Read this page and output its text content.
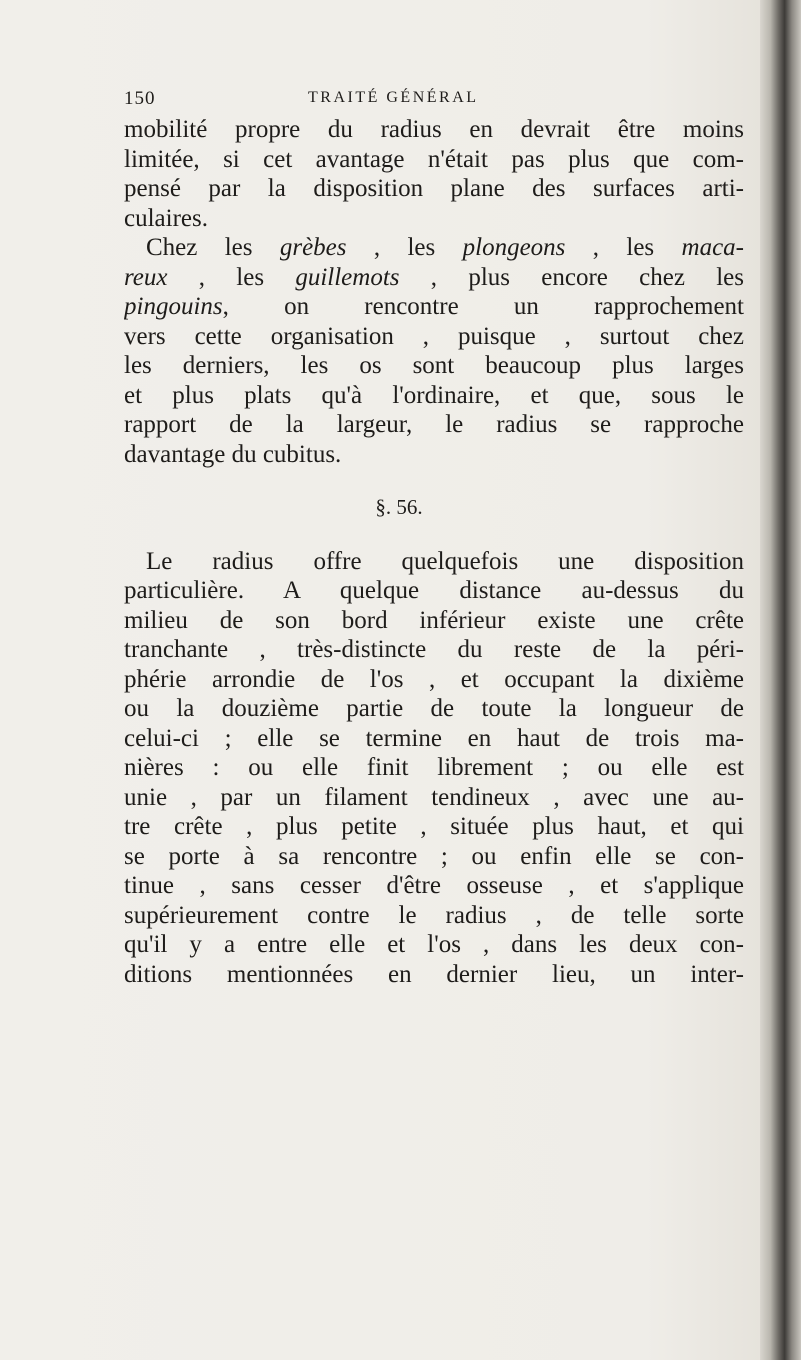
150	TRAITÉ GÉNÉRAL
mobilité propre du radius en devrait être moins
limitée, si cet avantage n'était pas plus que com-
pensé par la disposition plane des surfaces arti-
culaires.
Chez les grèbes , les plongeons , les maca-
reux , les guillemots , plus encore chez les
pingouins, on rencontre un rapprochement
vers cette organisation , puisque , surtout chez
les derniers, les os sont beaucoup plus larges
et plus plats qu'à l'ordinaire, et que, sous le
rapport de la largeur, le radius se rapproche
davantage du cubitus.
§. 56.
Le radius offre quelquefois une disposition
particulière. A quelque distance au-dessus du
milieu de son bord inférieur existe une crête
tranchante , très-distincte du reste de la péri-
phérie arrondie de l'os , et occupant la dixième
ou la douzième partie de toute la longueur de
celui-ci ; elle se termine en haut de trois ma-
nières : ou elle finit librement ; ou elle est
unie , par un filament tendineux , avec une au-
tre crête , plus petite , située plus haut, et qui
se porte à sa rencontre ; ou enfin elle se con-
tinue , sans cesser d'être osseuse , et s'applique
supérieurement contre le radius , de telle sorte
qu'il y a entre elle et l'os , dans les deux con-
ditions mentionnées en dernier lieu, un inter-
